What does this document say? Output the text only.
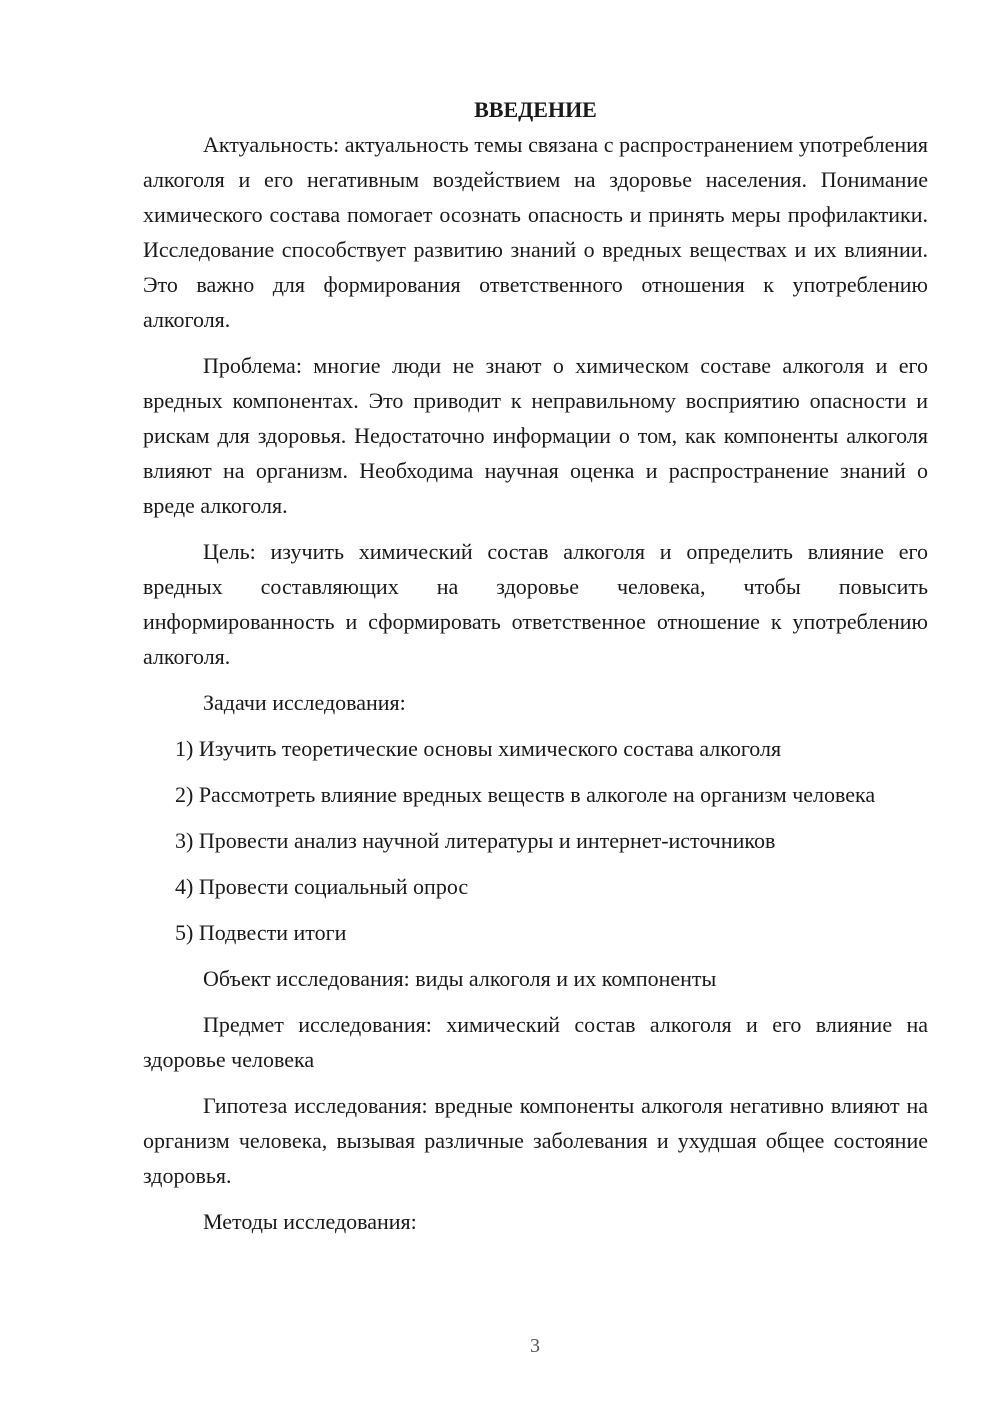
ВВЕДЕНИЕ

Актуальность: актуальность темы связана с распространением употребления алкоголя и его негативным воздействием на здоровье населения. Понимание химического состава помогает осознать опасность и принять меры профилактики. Исследование способствует развитию знаний о вредных веществах и их влиянии. Это важно для формирования ответственного отношения к употреблению алкоголя.

Проблема: многие люди не знают о химическом составе алкоголя и его вредных компонентах. Это приводит к неправильному восприятию опасности и рискам для здоровья. Недостаточно информации о том, как компоненты алкоголя влияют на организм. Необходима научная оценка и распространение знаний о вреде алкоголя.

Цель: изучить химический состав алкоголя и определить влияние его вредных составляющих на здоровье человека, чтобы повысить информированность и сформировать ответственное отношение к употреблению алкоголя.

Задачи исследования:

1) Изучить теоретические основы химического состава алкоголя

2) Рассмотреть влияние вредных веществ в алкоголе на организм человека

3) Провести анализ научной литературы и интернет-источников

4) Провести социальный опрос

5) Подвести итоги

Объект исследования: виды алкоголя и их компоненты

Предмет исследования: химический состав алкоголя и его влияние на здоровье человека

Гипотеза исследования: вредные компоненты алкоголя негативно влияют на организм человека, вызывая различные заболевания и ухудшая общее состояние здоровья.

Методы исследования:

3
